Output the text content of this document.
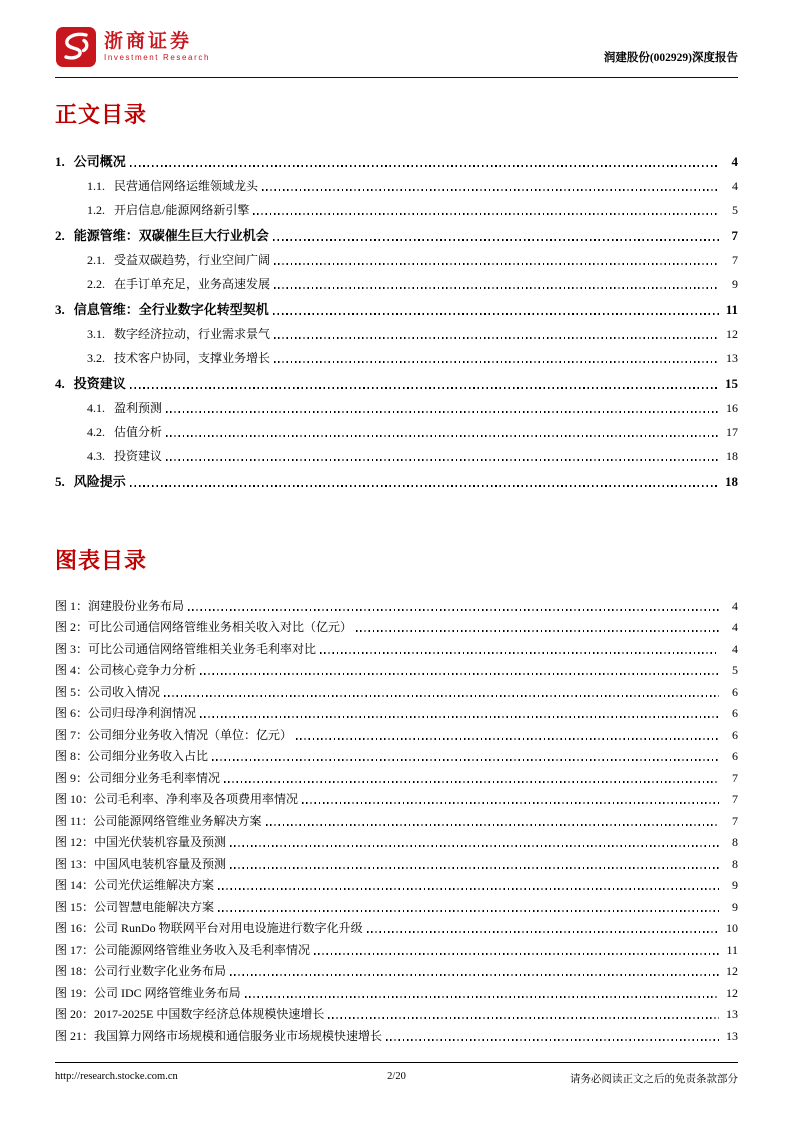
浙商证券
Investment Research	润建股份(002929)深度报告
正文目录
1. 公司概况	4
1.1. 民营通信网络运维领域龙头	4
1.2. 开启信息/能源网络新引擎	5
2. 能源管维：双碳催生巨大行业机会	7
2.1. 受益双碳趋势，行业空间广阔	7
2.2. 在手订单充足，业务高速发展	9
3. 信息管维：全行业数字化转型契机	11
3.1. 数字经济拉动，行业需求景气	12
3.2. 技术客户协同，支撑业务增长	13
4. 投资建议	15
4.1. 盈利预测	16
4.2. 估值分析	17
4.3. 投资建议	18
5. 风险提示	18
图表目录
图 1：润建股份业务布局	4
图 2：可比公司通信网络管维业务相关收入对比（亿元）	4
图 3：可比公司通信网络管维相关业务毛利率对比	4
图 4：公司核心竞争力分析	5
图 5：公司收入情况	6
图 6：公司归母净利润情况	6
图 7：公司细分业务收入情况（单位：亿元）	6
图 8：公司细分业务收入占比	6
图 9：公司细分业务毛利率情况	7
图 10：公司毛利率、净利率及各项费用率情况	7
图 11：公司能源网络管维业务解决方案	7
图 12：中国光伏装机容量及预测	8
图 13：中国风电装机容量及预测	8
图 14：公司光伏运维解决方案	9
图 15：公司智慧电能解决方案	9
图 16：公司 RunDo 物联网平台对用电设施进行数字化升级	10
图 17：公司能源网络管维业务收入及毛利率情况	11
图 18：公司行业数字化业务布局	12
图 19：公司 IDC 网络管维业务布局	12
图 20：2017-2025E 中国数字经济总体规模快速增长	13
图 21：我国算力网络市场规模和通信服务业市场规模快速增长	13
http://research.stocke.com.cn	2/20	请务必阅读正文之后的免责条款部分
